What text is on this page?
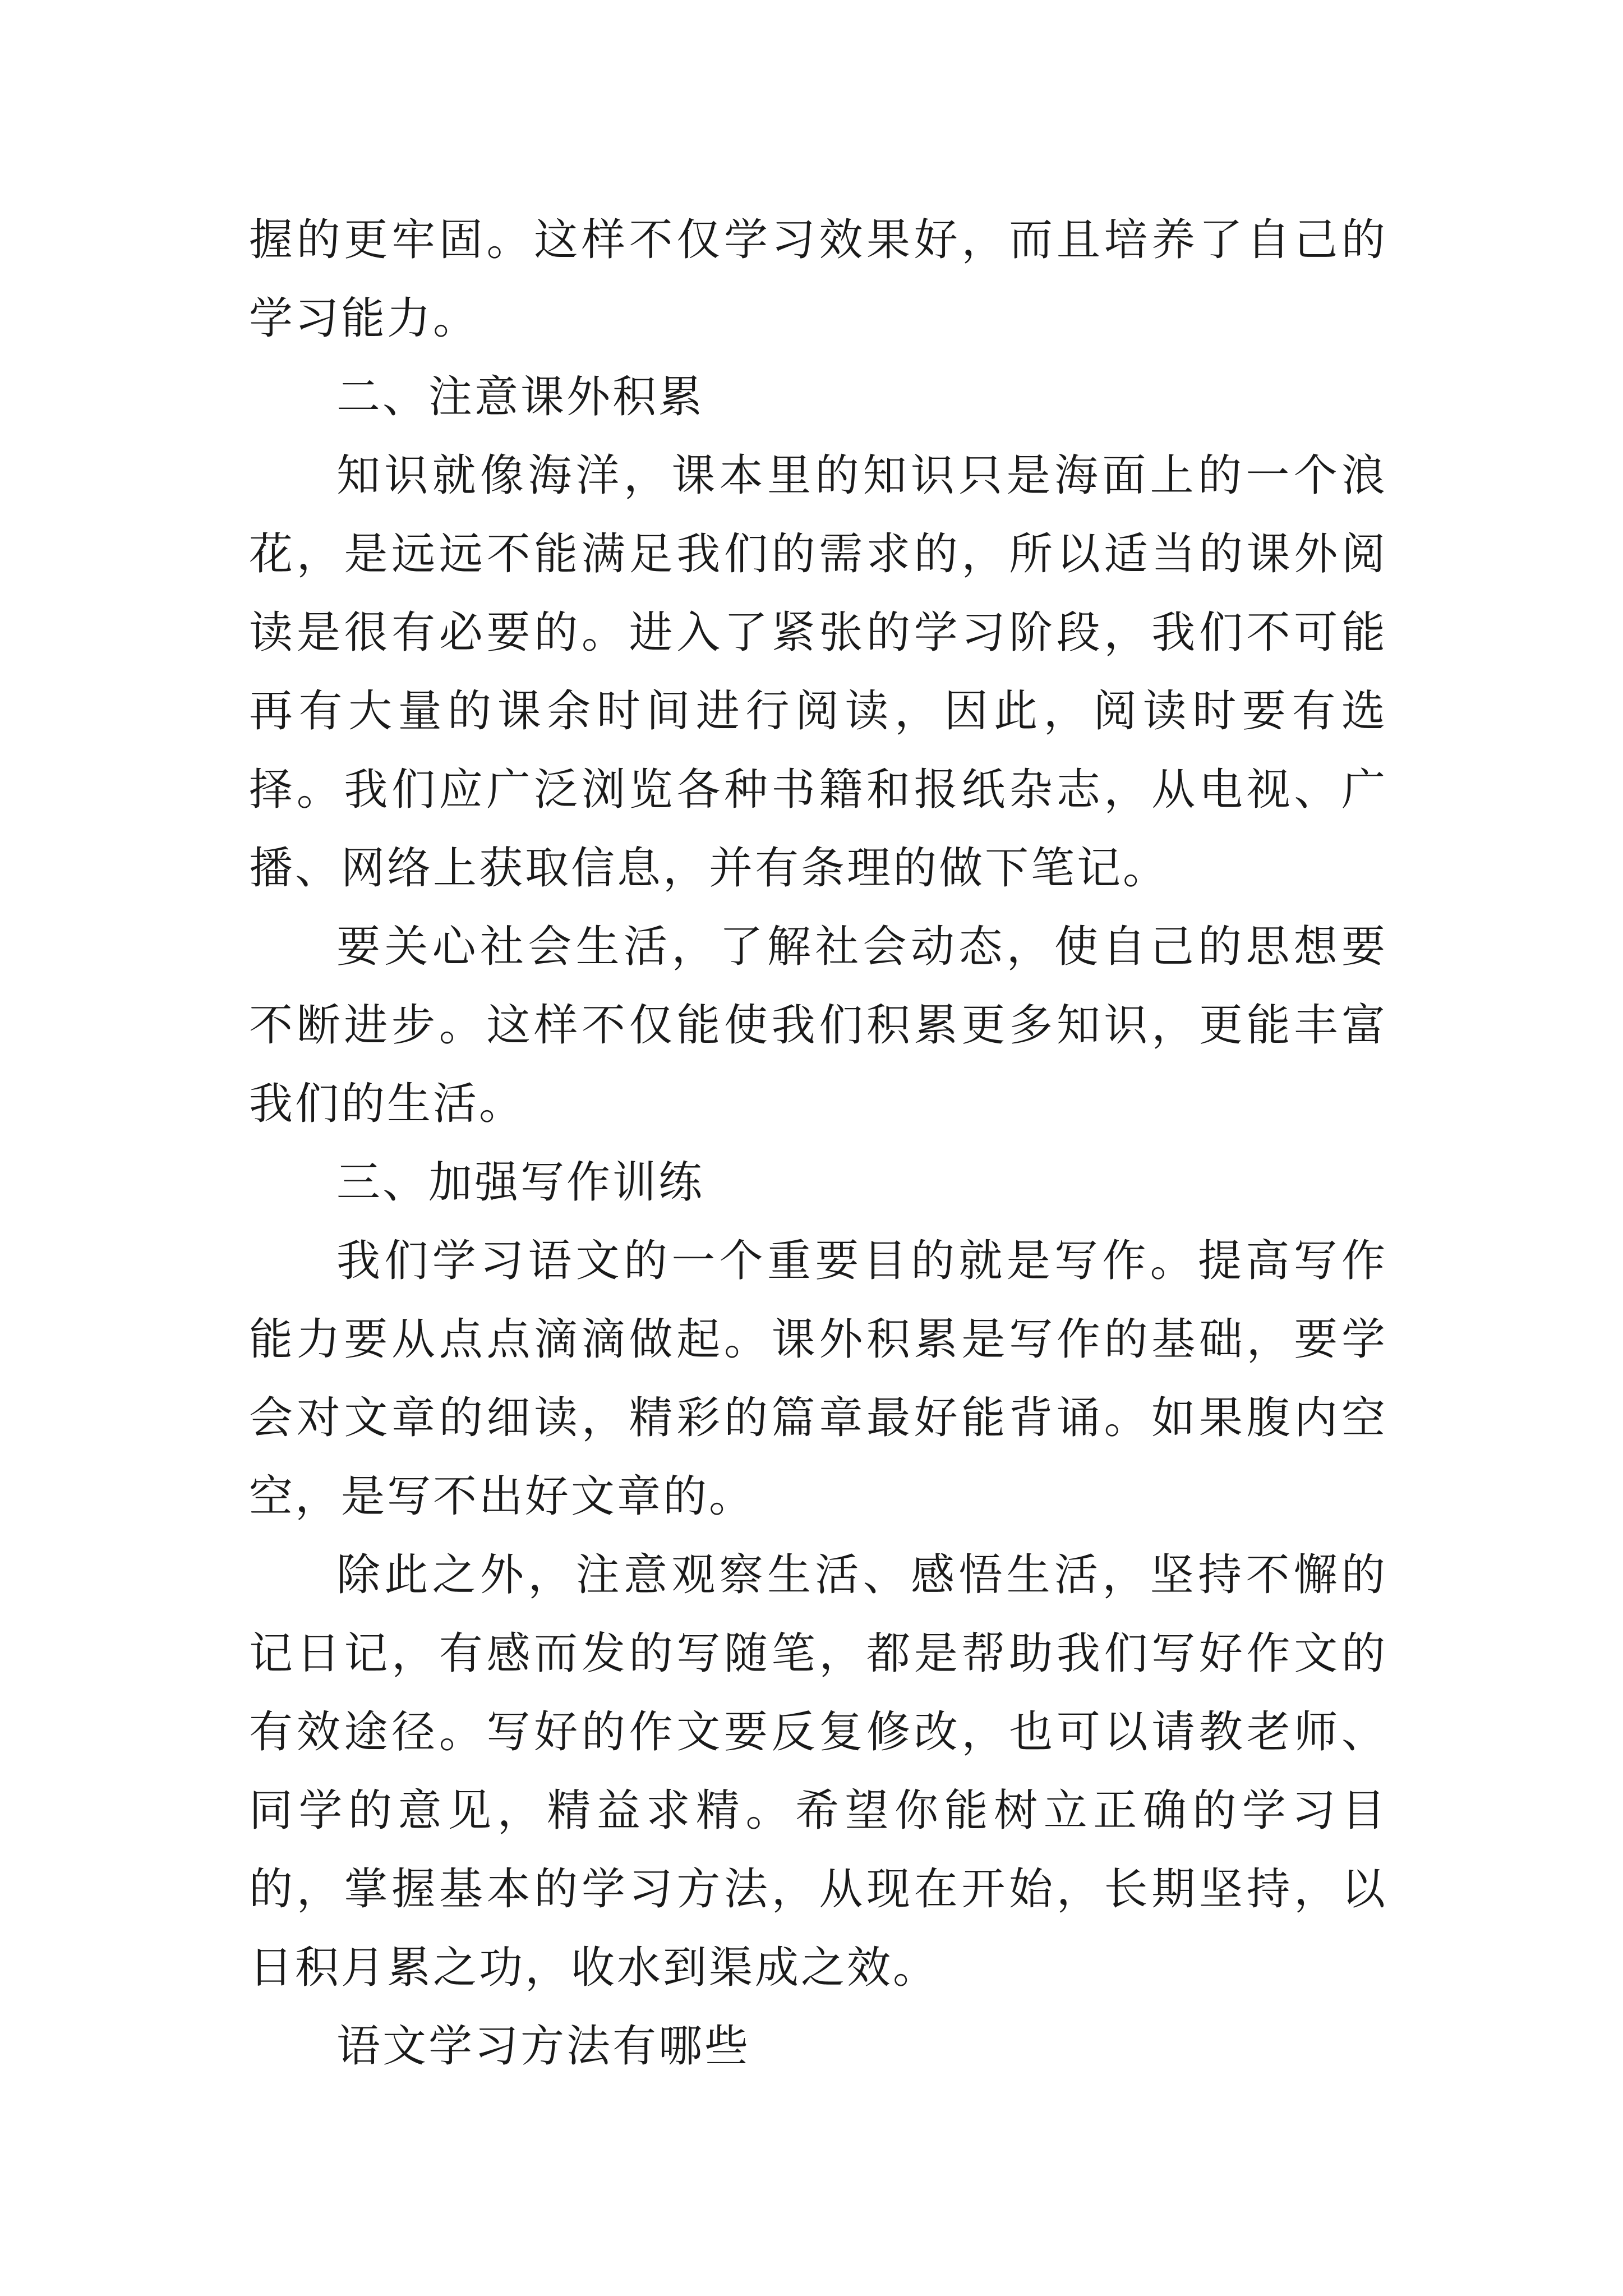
握的更牢固。这样不仅学习效果好，而且培养了自己的学习能力。

二、注意课外积累

知识就像海洋，课本里的知识只是海面上的一个浪花，是远远不能满足我们的需求的，所以适当的课外阅读是很有必要的。进入了紧张的学习阶段，我们不可能再有大量的课余时间进行阅读，因此，阅读时要有选择。我们应广泛浏览各种书籍和报纸杂志，从电视、广播、网络上获取信息，并有条理的做下笔记。

要关心社会生活，了解社会动态，使自己的思想要不断进步。这样不仅能使我们积累更多知识，更能丰富我们的生活。

三、加强写作训练

我们学习语文的一个重要目的就是写作。提高写作能力要从点点滴滴做起。课外积累是写作的基础，要学会对文章的细读，精彩的篇章最好能背诵。如果腹内空空，是写不出好文章的。

除此之外，注意观察生活、感悟生活，坚持不懈的记日记，有感而发的写随笔，都是帮助我们写好作文的有效途径。写好的作文要反复修改，也可以请教老师、同学的意见，精益求精。希望你能树立正确的学习目的，掌握基本的学习方法，从现在开始，长期坚持，以日积月累之功，收水到渠成之效。

语文学习方法有哪些
